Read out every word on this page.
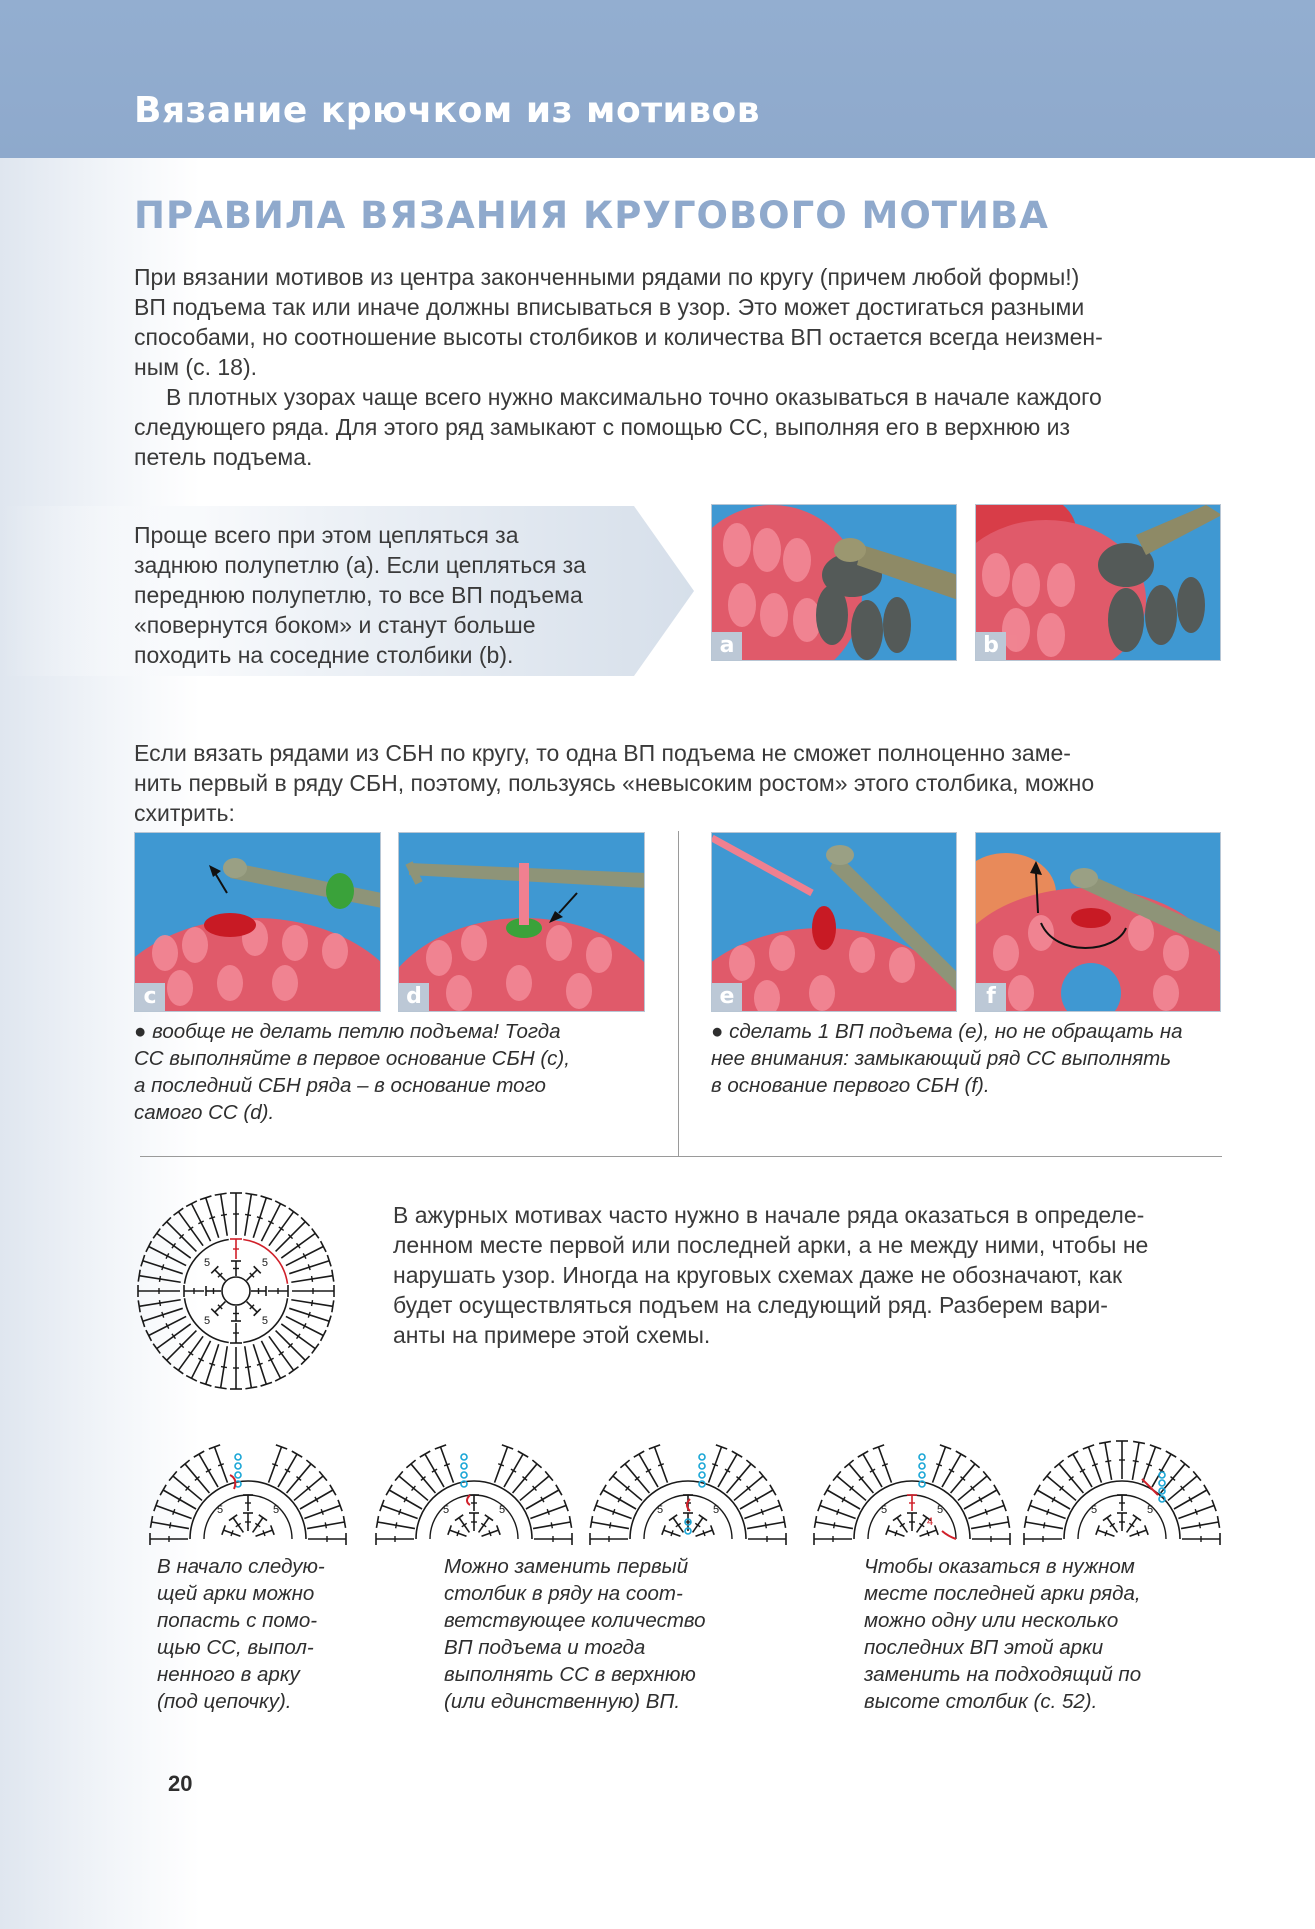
Вязание крючком из мотивов
ПРАВИЛА ВЯЗАНИЯ КРУГОВОГО МОТИВА

При вязании мотивов из центра законченными рядами по кругу (причем любой формы!)

ВП подъема так или иначе должны вписываться в узор. Это может достигаться разными

способами, но соотношение высоты столбиков и количества ВП остается всегда неизмен-

ным (с. 18).

В плотных узорах чаще всего нужно максимально точно оказываться в начале каждого

следующего ряда. Для этого ряд замыкают с помощью СС, выполняя его в верхнюю из

петель подъема.

Проще всего при этом цепляться за

заднюю полупетлю (a). Если цепляться за

переднюю полупетлю, то все ВП подъема

«повернутся боком» и станут больше

походить на соседние столбики (b).	a	b

Если вязать рядами из СБН по кругу, то одна ВП подъема не сможет полноценно заме-

нить первый в ряду СБН, поэтому, пользуясь «невысоким ростом» этого столбика, можно

схитрить:

c	d	e	f

● вообще не делать петлю подъема! Тогда

СС выполняйте в первое основание СБН (c),

а последний СБН ряда – в основание того

самого СС (d).

● сделать 1 ВП подъема (e), но не обращать на

нее внимания: замыкающий ряд СС выполнять

в основание первого СБН (f).

5
5
5	5

В ажурных мотивах часто нужно в начале ряда оказаться в определе-

ленном месте первой или последней арки, а не между ними, чтобы не

нарушать узор. Иногда на круговых схемах даже не обозначают, как

будет осуществляться подъем на следующий ряд. Разберем вари-

анты на примере этой схемы.

5	5	5	5	5	5	5	5
4
5	5

В начало следую-

щей арки можно

попасть с помо-

щью СС, выпол-

ненного в арку

(под цепочку).

Можно заменить первый

столбик в ряду на соот-

ветствующее количество

ВП подъема и тогда

выполнять СС в верхнюю

(или единственную) ВП.

Чтобы оказаться в нужном

месте последней арки ряда,

можно одну или несколько

последних ВП этой арки

заменить на подходящий по

высоте столбик (с. 52).

20
